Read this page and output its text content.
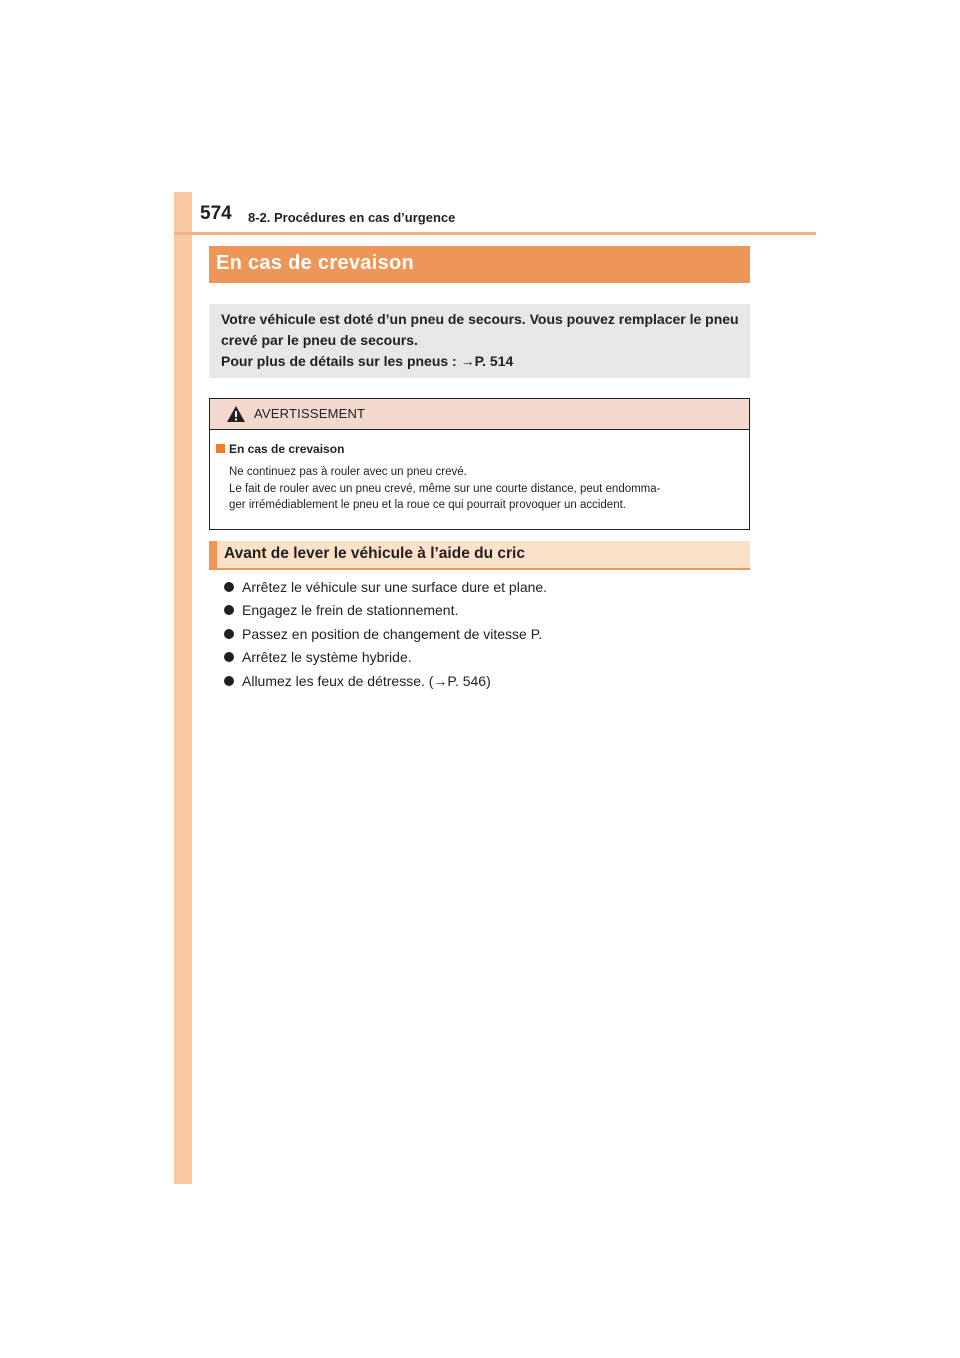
574 8-2. Procédures en cas d’urgence
En cas de crevaison

Votre véhicule est doté d’un pneu de secours. Vous pouvez remplacer le pneu
crevé par le pneu de secours.
Pour plus de détails sur les pneus : →P. 514

AVERTISSEMENT
En cas de crevaison
Ne continuez pas à rouler avec un pneu crevé.
Le fait de rouler avec un pneu crevé, même sur une courte distance, peut endomma-
ger irrémédiablement le pneu et la roue ce qui pourrait provoquer un accident.
Avant de lever le véhicule à l’aide du cric
Arrêtez le véhicule sur une surface dure et plane.
Engagez le frein de stationnement.
Passez en position de changement de vitesse P.
Arrêtez le système hybride.
Allumez les feux de détresse. (→P. 546)
